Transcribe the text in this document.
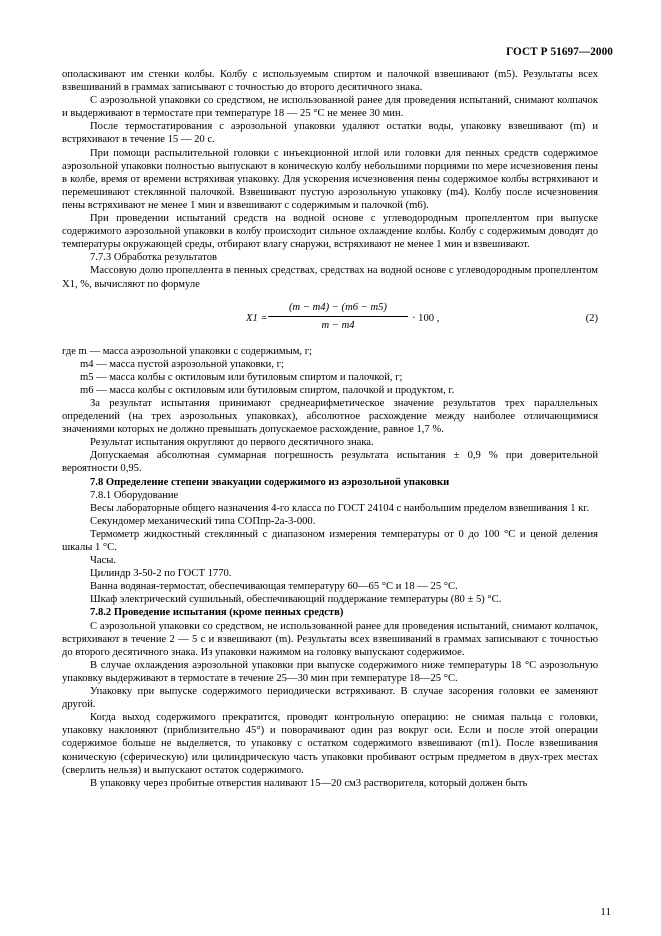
ГОСТ Р 51697—2000

ополаскивают им стенки колбы. Колбу с используемым спиртом и палочкой взвешивают (m5). Результаты всех взвешиваний в граммах записывают с точностью до второго десятичного знака.

С аэрозольной упаковки со средством, не использованной ранее для проведения испытаний, снимают колпачок и выдерживают в термостате при температуре 18 — 25 °С не менее 30 мин.

После термостатирования с аэрозольной упаковки удаляют остатки воды, упаковку взвешивают (m) и встряхивают в течение 15 — 20 с.

При помощи распылительной головки с инъекционной иглой или головки для пенных средств содержимое аэрозольной упаковки полностью выпускают в коническую колбу небольшими порциями по мере исчезновения пены в колбе, время от времени встряхивая упаковку. Для ускорения исчезновения пены содержимое колбы встряхивают и перемешивают стеклянной палочкой. Взвешивают пустую аэрозольную упаковку (m4). Колбу после исчезновения пены встряхивают не менее 1 мин и взвешивают с содержимым и палочкой (m6).

При проведении испытаний средств на водной основе с углеводородным пропеллентом при выпуске содержимого аэрозольной упаковки в колбу происходит сильное охлаждение колбы. Колбу с содержимым доводят до температуры окружающей среды, отбирают влагу снаружи, встряхивают не менее 1 мин и взвешивают.

7.7.3 Обработка результатов

Массовую долю пропеллента в пенных средствах, средствах на водной основе с углеводородным пропеллентом X1, %, вычисляют по формуле

$X1 = \frac{(m - m4) - (m6 - m5)}{m - m4} \cdot 100$ ,	(2)

где m — масса аэрозольной упаковки с содержимым, г;

m4 — масса пустой аэрозольной упаковки, г;

m5 — масса колбы с октиловым или бутиловым спиртом и палочкой, г;

m6 — масса колбы с октиловым или бутиловым спиртом, палочкой и продуктом, г.

За результат испытания принимают среднеарифметическое значение результатов трех параллельных определений (на трех аэрозольных упаковках), абсолютное расхождение между наиболее отличающимися значениями которых не должно превышать допускаемое расхождение, равное 1,7 %.

Результат испытания округляют до первого десятичного знака.

Допускаемая абсолютная суммарная погрешность результата испытания ± 0,9 % при доверительной вероятности 0,95.

7.8 Определение степени эвакуации содержимого из аэрозольной упаковки

7.8.1 Оборудование

Весы лабораторные общего назначения 4-го класса по ГОСТ 24104 с наибольшим пределом взвешивания 1 кг.

Секундомер механический типа СОПпр-2а-3-000.

Термометр жидкостный стеклянный с диапазоном измерения температуры от 0 до 100 °С и ценой деления шкалы 1 °С.

Часы.

Цилиндр 3-50-2 по ГОСТ 1770.

Ванна водяная-термостат, обеспечивающая температуру 60—65 °С и 18 — 25 °С.

Шкаф электрический сушильный, обеспечивающий поддержание температуры (80 ± 5) °С.

7.8.2 Проведение испытания (кроме пенных средств)

С аэрозольной упаковки со средством, не использованной ранее для проведения испытаний, снимают колпачок, встряхивают в течение 2 — 5 с и взвешивают (m). Результаты всех взвешиваний в граммах записывают с точностью до второго десятичного знака. Из упаковки нажимом на головку выпускают содержимое.

В случае охлаждения аэрозольной упаковки при выпуске содержимого ниже температуры 18 °С аэрозольную упаковку выдерживают в термостате в течение 25—30 мин при температуре 18—25 °С.

Упаковку при выпуске содержимого периодически встряхивают. В случае засорения головки ее заменяют другой.

Когда выход содержимого прекратится, проводят контрольную операцию: не снимая пальца с головки, упаковку наклоняют (приблизительно 45°) и поворачивают один раз вокруг оси. Если и после этой операции содержимое больше не выделяется, то упаковку с остатком содержимого взвешивают (m1). После взвешивания коническую (сферическую) или цилиндрическую часть упаковки пробивают острым предметом в двух-трех местах (сверлить нельзя) и выпускают остаток содержимого.

В упаковку через пробитые отверстия наливают 15—20 см3 растворителя, который должен быть

11
